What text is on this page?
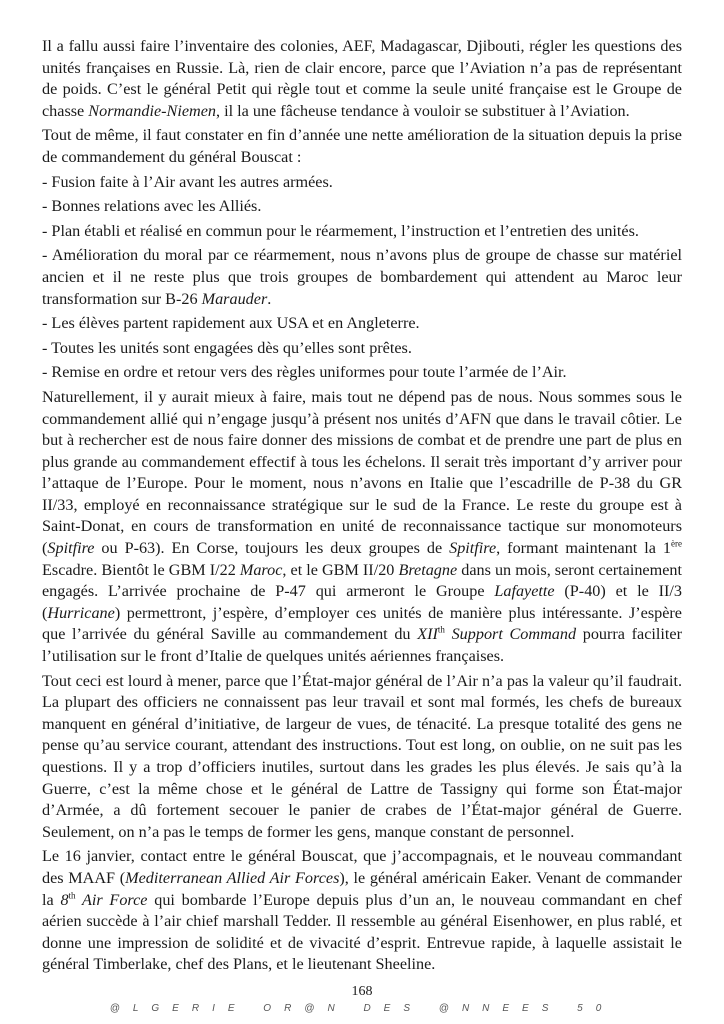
Il a fallu aussi faire l’inventaire des colonies, AEF, Madagascar, Djibouti, régler les questions des unités françaises en Russie. Là, rien de clair encore, parce que l’Aviation n’a pas de représentant de poids. C’est le général Petit qui règle tout et comme la seule unité française est le Groupe de chasse Normandie-Niemen, il la une fâcheuse tendance à vouloir se substituer à l’Aviation.

Tout de même, il faut constater en fin d’année une nette amélioration de la situation depuis la prise de commandement du général Bouscat :

- Fusion faite à l’Air avant les autres armées.

- Bonnes relations avec les Alliés.

- Plan établi et réalisé en commun pour le réarmement, l’instruction et l’entretien des unités.

- Amélioration du moral par ce réarmement, nous n’avons plus de groupe de chasse sur matériel ancien et il ne reste plus que trois groupes de bombardement qui attendent au Maroc leur transformation sur B-26 Marauder.

- Les élèves partent rapidement aux USA et en Angleterre.

- Toutes les unités sont engagées dès qu’elles sont prêtes.

- Remise en ordre et retour vers des règles uniformes pour toute l’armée de l’Air.

Naturellement, il y aurait mieux à faire, mais tout ne dépend pas de nous. Nous sommes sous le commandement allié qui n’engage jusqu’à présent nos unités d’AFN que dans le travail côtier. Le but à rechercher est de nous faire donner des missions de combat et de prendre une part de plus en plus grande au commandement effectif à tous les échelons. Il serait très important d’y arriver pour l’attaque de l’Europe. Pour le moment, nous n’avons en Italie que l’escadrille de P-38 du GR II/33, employé en reconnaissance stratégique sur le sud de la France. Le reste du groupe est à Saint-Donat, en cours de transformation en unité de reconnaissance tactique sur monomoteurs (Spitfire ou P-63). En Corse, toujours les deux groupes de Spitfire, formant maintenant la 1ère Escadre. Bientôt le GBM I/22 Maroc, et le GBM II/20 Bretagne dans un mois, seront certainement engagés. L’arrivée prochaine de P-47 qui armeront le Groupe Lafayette (P-40) et le II/3 (Hurricane) permettront, j’espère, d’employer ces unités de manière plus intéressante. J’espère que l’arrivée du général Saville au commandement du XIIth Support Command pourra faciliter l’utilisation sur le front d’Italie de quelques unités aériennes françaises.

Tout ceci est lourd à mener, parce que l’État-major général de l’Air n’a pas la valeur qu’il faudrait. La plupart des officiers ne connaissent pas leur travail et sont mal formés, les chefs de bureaux manquent en général d’initiative, de largeur de vues, de ténacité. La presque totalité des gens ne pense qu’au service courant, attendant des instructions. Tout est long, on oublie, on ne suit pas les questions. Il y a trop d’officiers inutiles, surtout dans les grades les plus élevés. Je sais qu’à la Guerre, c’est la même chose et le général de Lattre de Tassigny qui forme son État-major d’Armée, a dû fortement secouer le panier de crabes de l’État-major général de Guerre. Seulement, on n’a pas le temps de former les gens, manque constant de personnel.

Le 16 janvier, contact entre le général Bouscat, que j’accompagnais, et le nouveau commandant des MAAF (Mediterranean Allied Air Forces), le général américain Eaker. Venant de commander la 8th Air Force qui bombarde l’Europe depuis plus d’un an, le nouveau commandant en chef aérien succède à l’air chief marshall Tedder. Il ressemble au général Eisenhower, en plus rablé, et donne une impression de solidité et de vivacité d’esprit. Entrevue rapide, à laquelle assistait le général Timberlake, chef des Plans, et le lieutenant Sheeline.

168
@LGERIE OR@N DES @NNEES 50
